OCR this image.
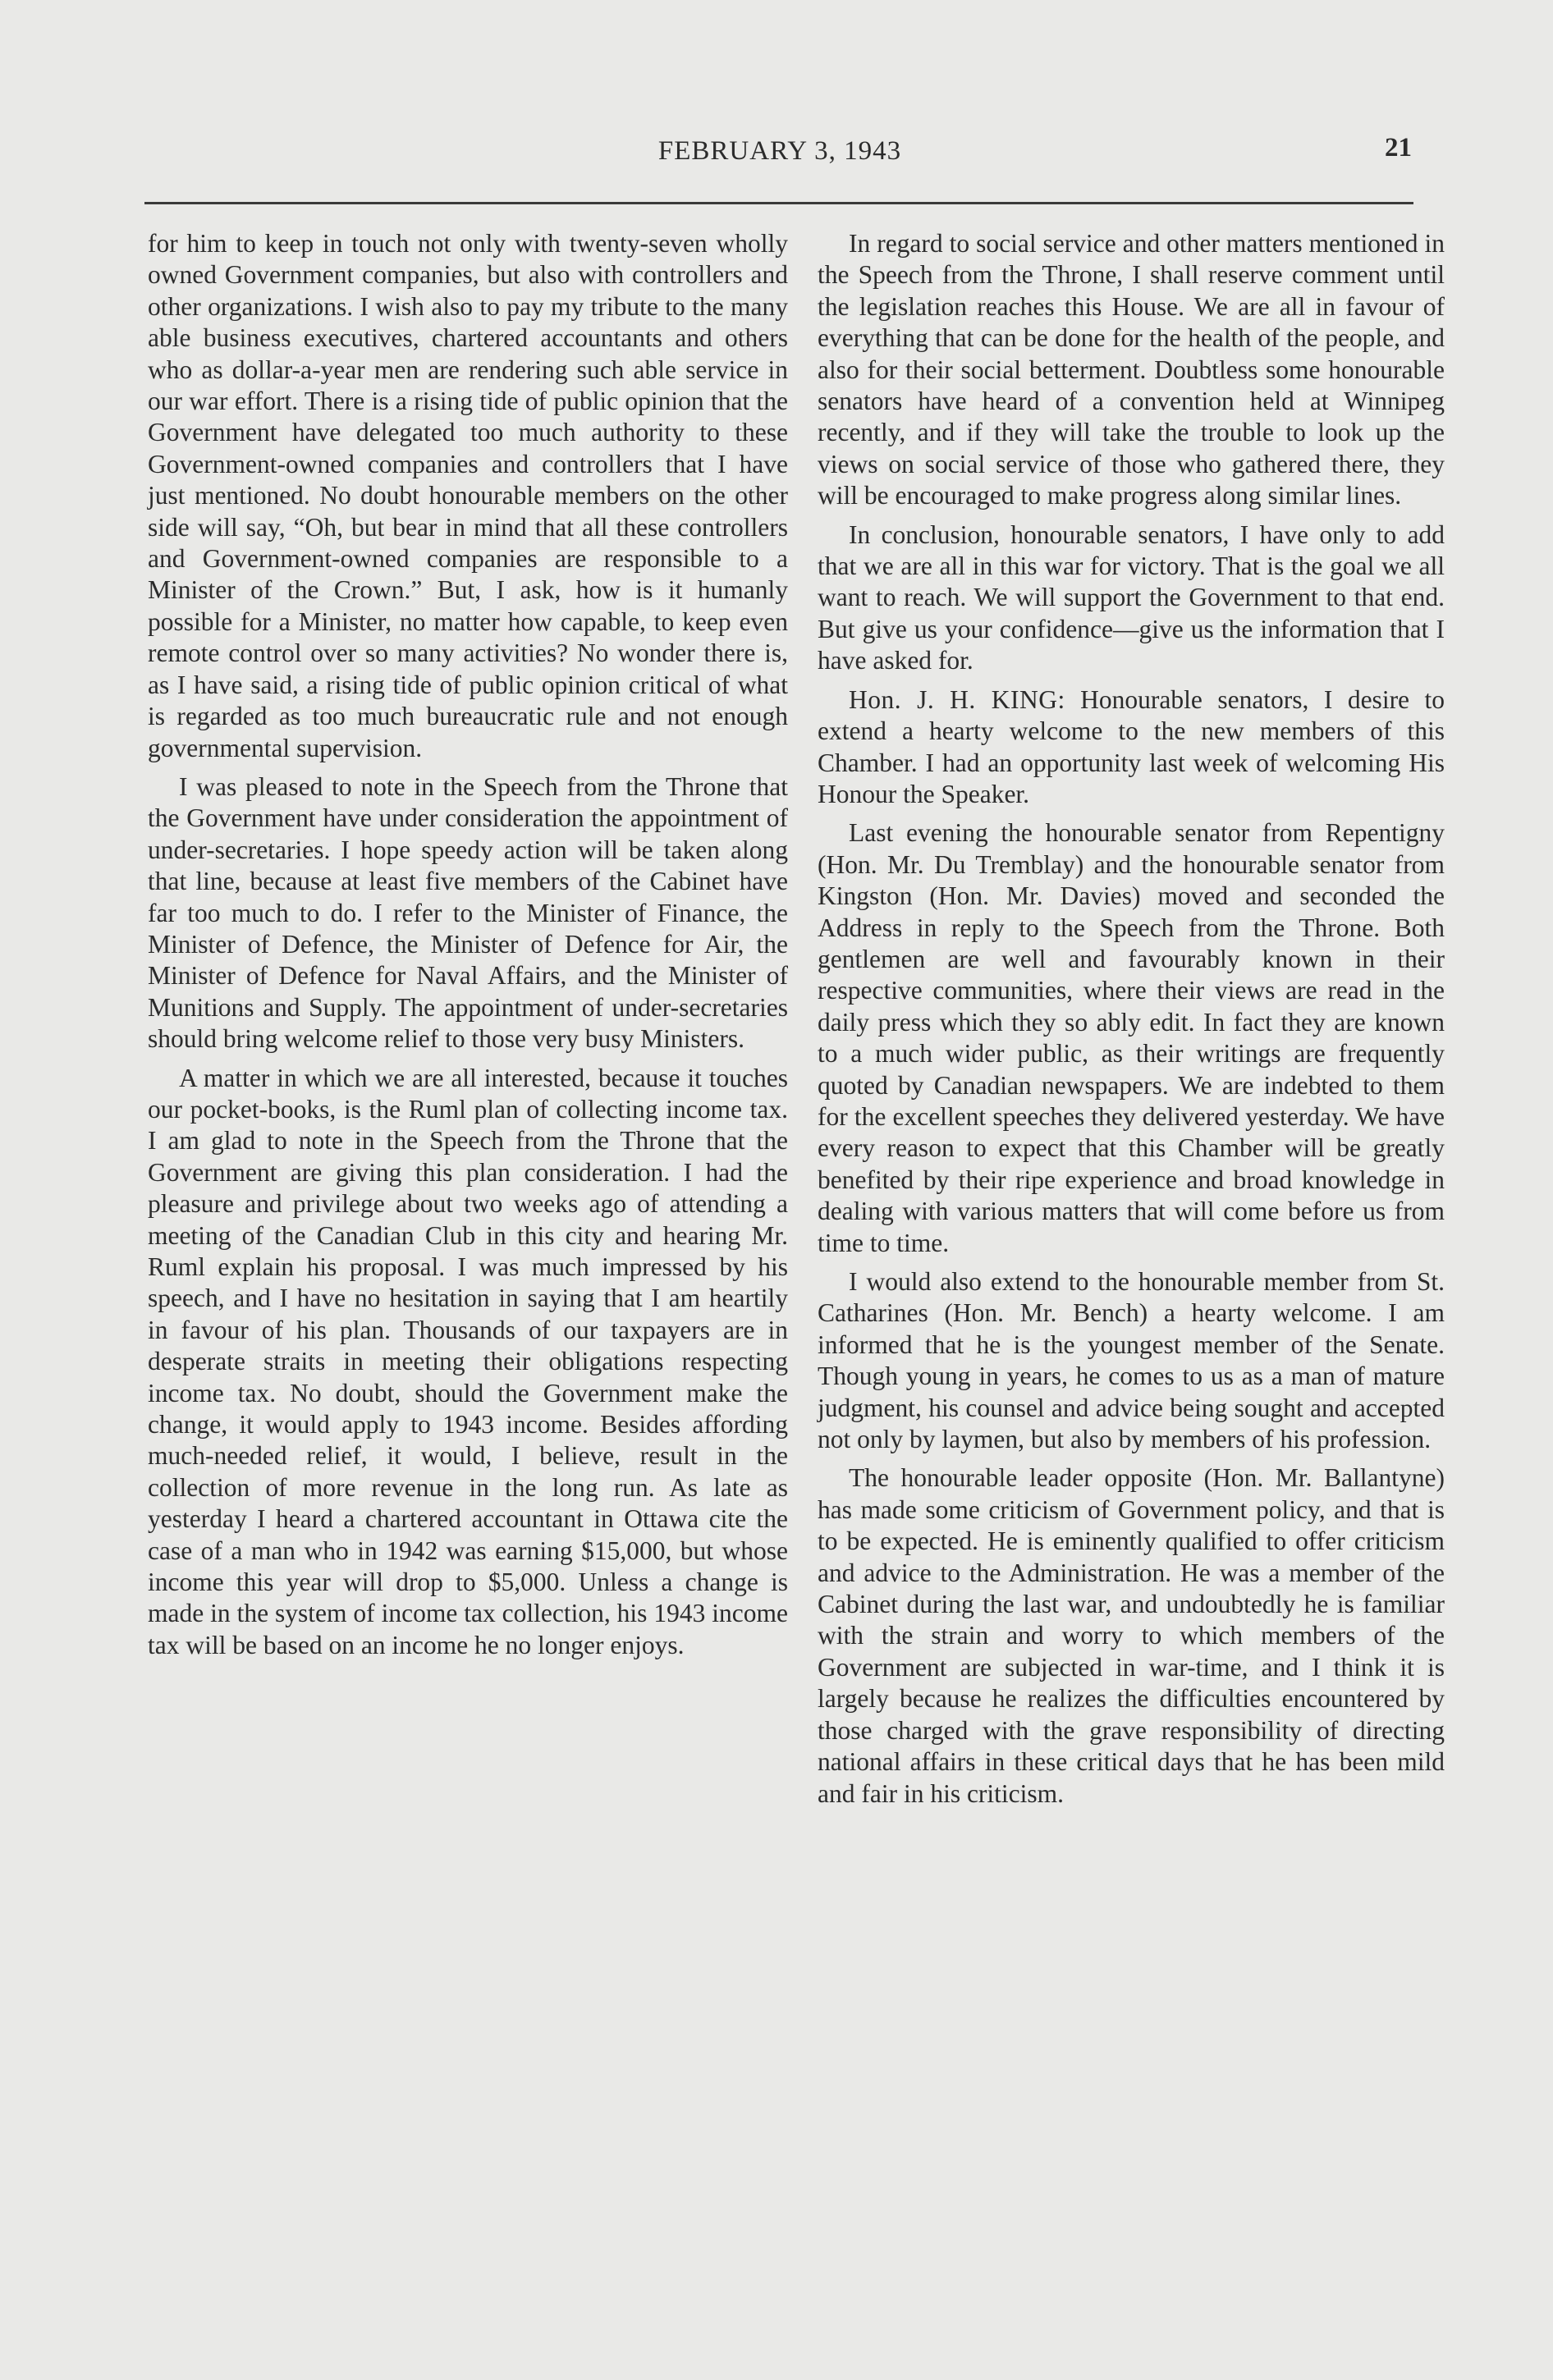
FEBRUARY 3, 1943	21

for him to keep in touch not only with twenty-seven wholly owned Government companies, but also with controllers and other organizations. I wish also to pay my tribute to the many able business executives, chartered accountants and others who as dollar-a-year men are rendering such able service in our war effort. There is a rising tide of public opinion that the Government have delegated too much authority to these Government-owned companies and controllers that I have just mentioned. No doubt honourable members on the other side will say, “Oh, but bear in mind that all these controllers and Government-owned companies are responsible to a Minister of the Crown.” But, I ask, how is it humanly possible for a Minister, no matter how capable, to keep even remote control over so many activities? No wonder there is, as I have said, a rising tide of public opinion critical of what is regarded as too much bureaucratic rule and not enough governmental supervision.

I was pleased to note in the Speech from the Throne that the Government have under consideration the appointment of under-secretaries. I hope speedy action will be taken along that line, because at least five members of the Cabinet have far too much to do. I refer to the Minister of Finance, the Minister of Defence, the Minister of Defence for Air, the Minister of Defence for Naval Affairs, and the Minister of Munitions and Supply. The appointment of under-secretaries should bring welcome relief to those very busy Ministers.

A matter in which we are all interested, because it touches our pocket-books, is the Ruml plan of collecting income tax. I am glad to note in the Speech from the Throne that the Government are giving this plan consideration. I had the pleasure and privilege about two weeks ago of attending a meeting of the Canadian Club in this city and hearing Mr. Ruml explain his proposal. I was much impressed by his speech, and I have no hesitation in saying that I am heartily in favour of his plan. Thousands of our taxpayers are in desperate straits in meeting their obligations respecting income tax. No doubt, should the Government make the change, it would apply to 1943 income. Besides affording much-needed relief, it would, I believe, result in the collection of more revenue in the long run. As late as yesterday I heard a chartered accountant in Ottawa cite the case of a man who in 1942 was earning $15,000, but whose income this year will drop to $5,000. Unless a change is made in the system of income tax collection, his 1943 income tax will be based on an income he no longer enjoys.

In regard to social service and other matters mentioned in the Speech from the Throne, I shall reserve comment until the legislation reaches this House. We are all in favour of everything that can be done for the health of the people, and also for their social betterment. Doubtless some honourable senators have heard of a convention held at Winnipeg recently, and if they will take the trouble to look up the views on social service of those who gathered there, they will be encouraged to make progress along similar lines.

In conclusion, honourable senators, I have only to add that we are all in this war for victory. That is the goal we all want to reach. We will support the Government to that end. But give us your confidence—give us the information that I have asked for.

Hon. J. H. KING: Honourable senators, I desire to extend a hearty welcome to the new members of this Chamber. I had an opportunity last week of welcoming His Honour the Speaker.

Last evening the honourable senator from Repentigny (Hon. Mr. Du Tremblay) and the honourable senator from Kingston (Hon. Mr. Davies) moved and seconded the Address in reply to the Speech from the Throne. Both gentlemen are well and favourably known in their respective communities, where their views are read in the daily press which they so ably edit. In fact they are known to a much wider public, as their writings are frequently quoted by Canadian newspapers. We are indebted to them for the excellent speeches they delivered yesterday. We have every reason to expect that this Chamber will be greatly benefited by their ripe experience and broad knowledge in dealing with various matters that will come before us from time to time.

I would also extend to the honourable member from St. Catharines (Hon. Mr. Bench) a hearty welcome. I am informed that he is the youngest member of the Senate. Though young in years, he comes to us as a man of mature judgment, his counsel and advice being sought and accepted not only by laymen, but also by members of his profession.

The honourable leader opposite (Hon. Mr. Ballantyne) has made some criticism of Government policy, and that is to be expected. He is eminently qualified to offer criticism and advice to the Administration. He was a member of the Cabinet during the last war, and undoubtedly he is familiar with the strain and worry to which members of the Government are subjected in war-time, and I think it is largely because he realizes the difficulties encountered by those charged with the grave responsibility of directing national affairs in these critical days that he has been mild and fair in his criticism.
